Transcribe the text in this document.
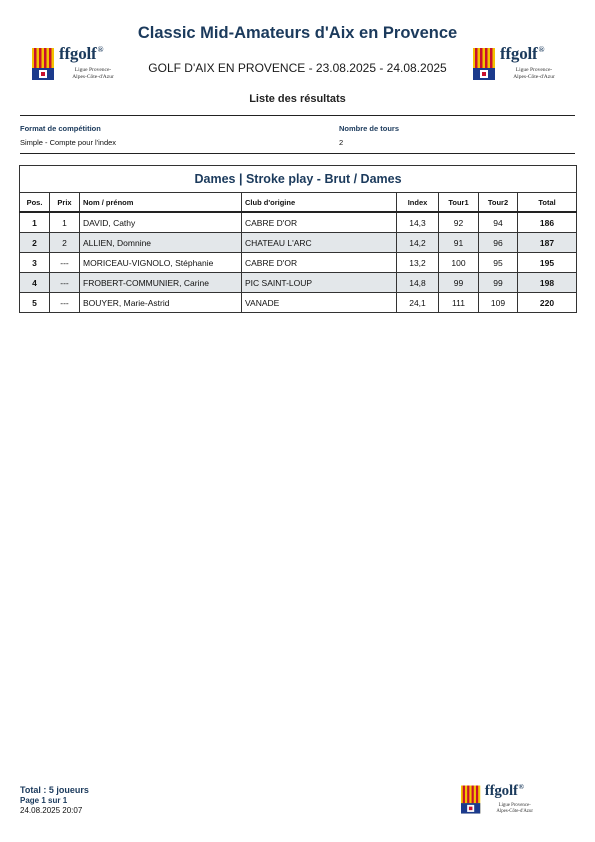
Classic Mid-Amateurs d'Aix en Provence
GOLF D'AIX EN PROVENCE - 23.08.2025 - 24.08.2025
Liste des résultats
ffgolf®
Ligue Provence-
Alpes-Côte-d'Azur
ffgolf®
Ligue Provence-
Alpes-Côte-d'Azur
Format de compétition
Simple - Compte pour l'index
Nombre de tours
2
Dames | Stroke play - Brut / Dames							
Pos.	Prix	Nom / prénom	Club d'origine	Index	Tour1	Tour2	Total
1	1	DAVID, Cathy	CABRE D'OR	14,3	92	94	186
2	2	ALLIEN, Domnine	CHATEAU L'ARC	14,2	91	96	187
3	---	MORICEAU-VIGNOLO, Stéphanie	CABRE D'OR	13,2	100	95	195
4	---	FROBERT-COMMUNIER, Carine	PIC SAINT-LOUP	14,8	99	99	198
5	---	BOUYER, Marie-Astrid	VANADE	24,1	111	109	220
Total : 5 joueurs
Page 1 sur 1
24.08.2025 20:07
ffgolf®
Ligue Provence-
Alpes-Côte-d'Azur
